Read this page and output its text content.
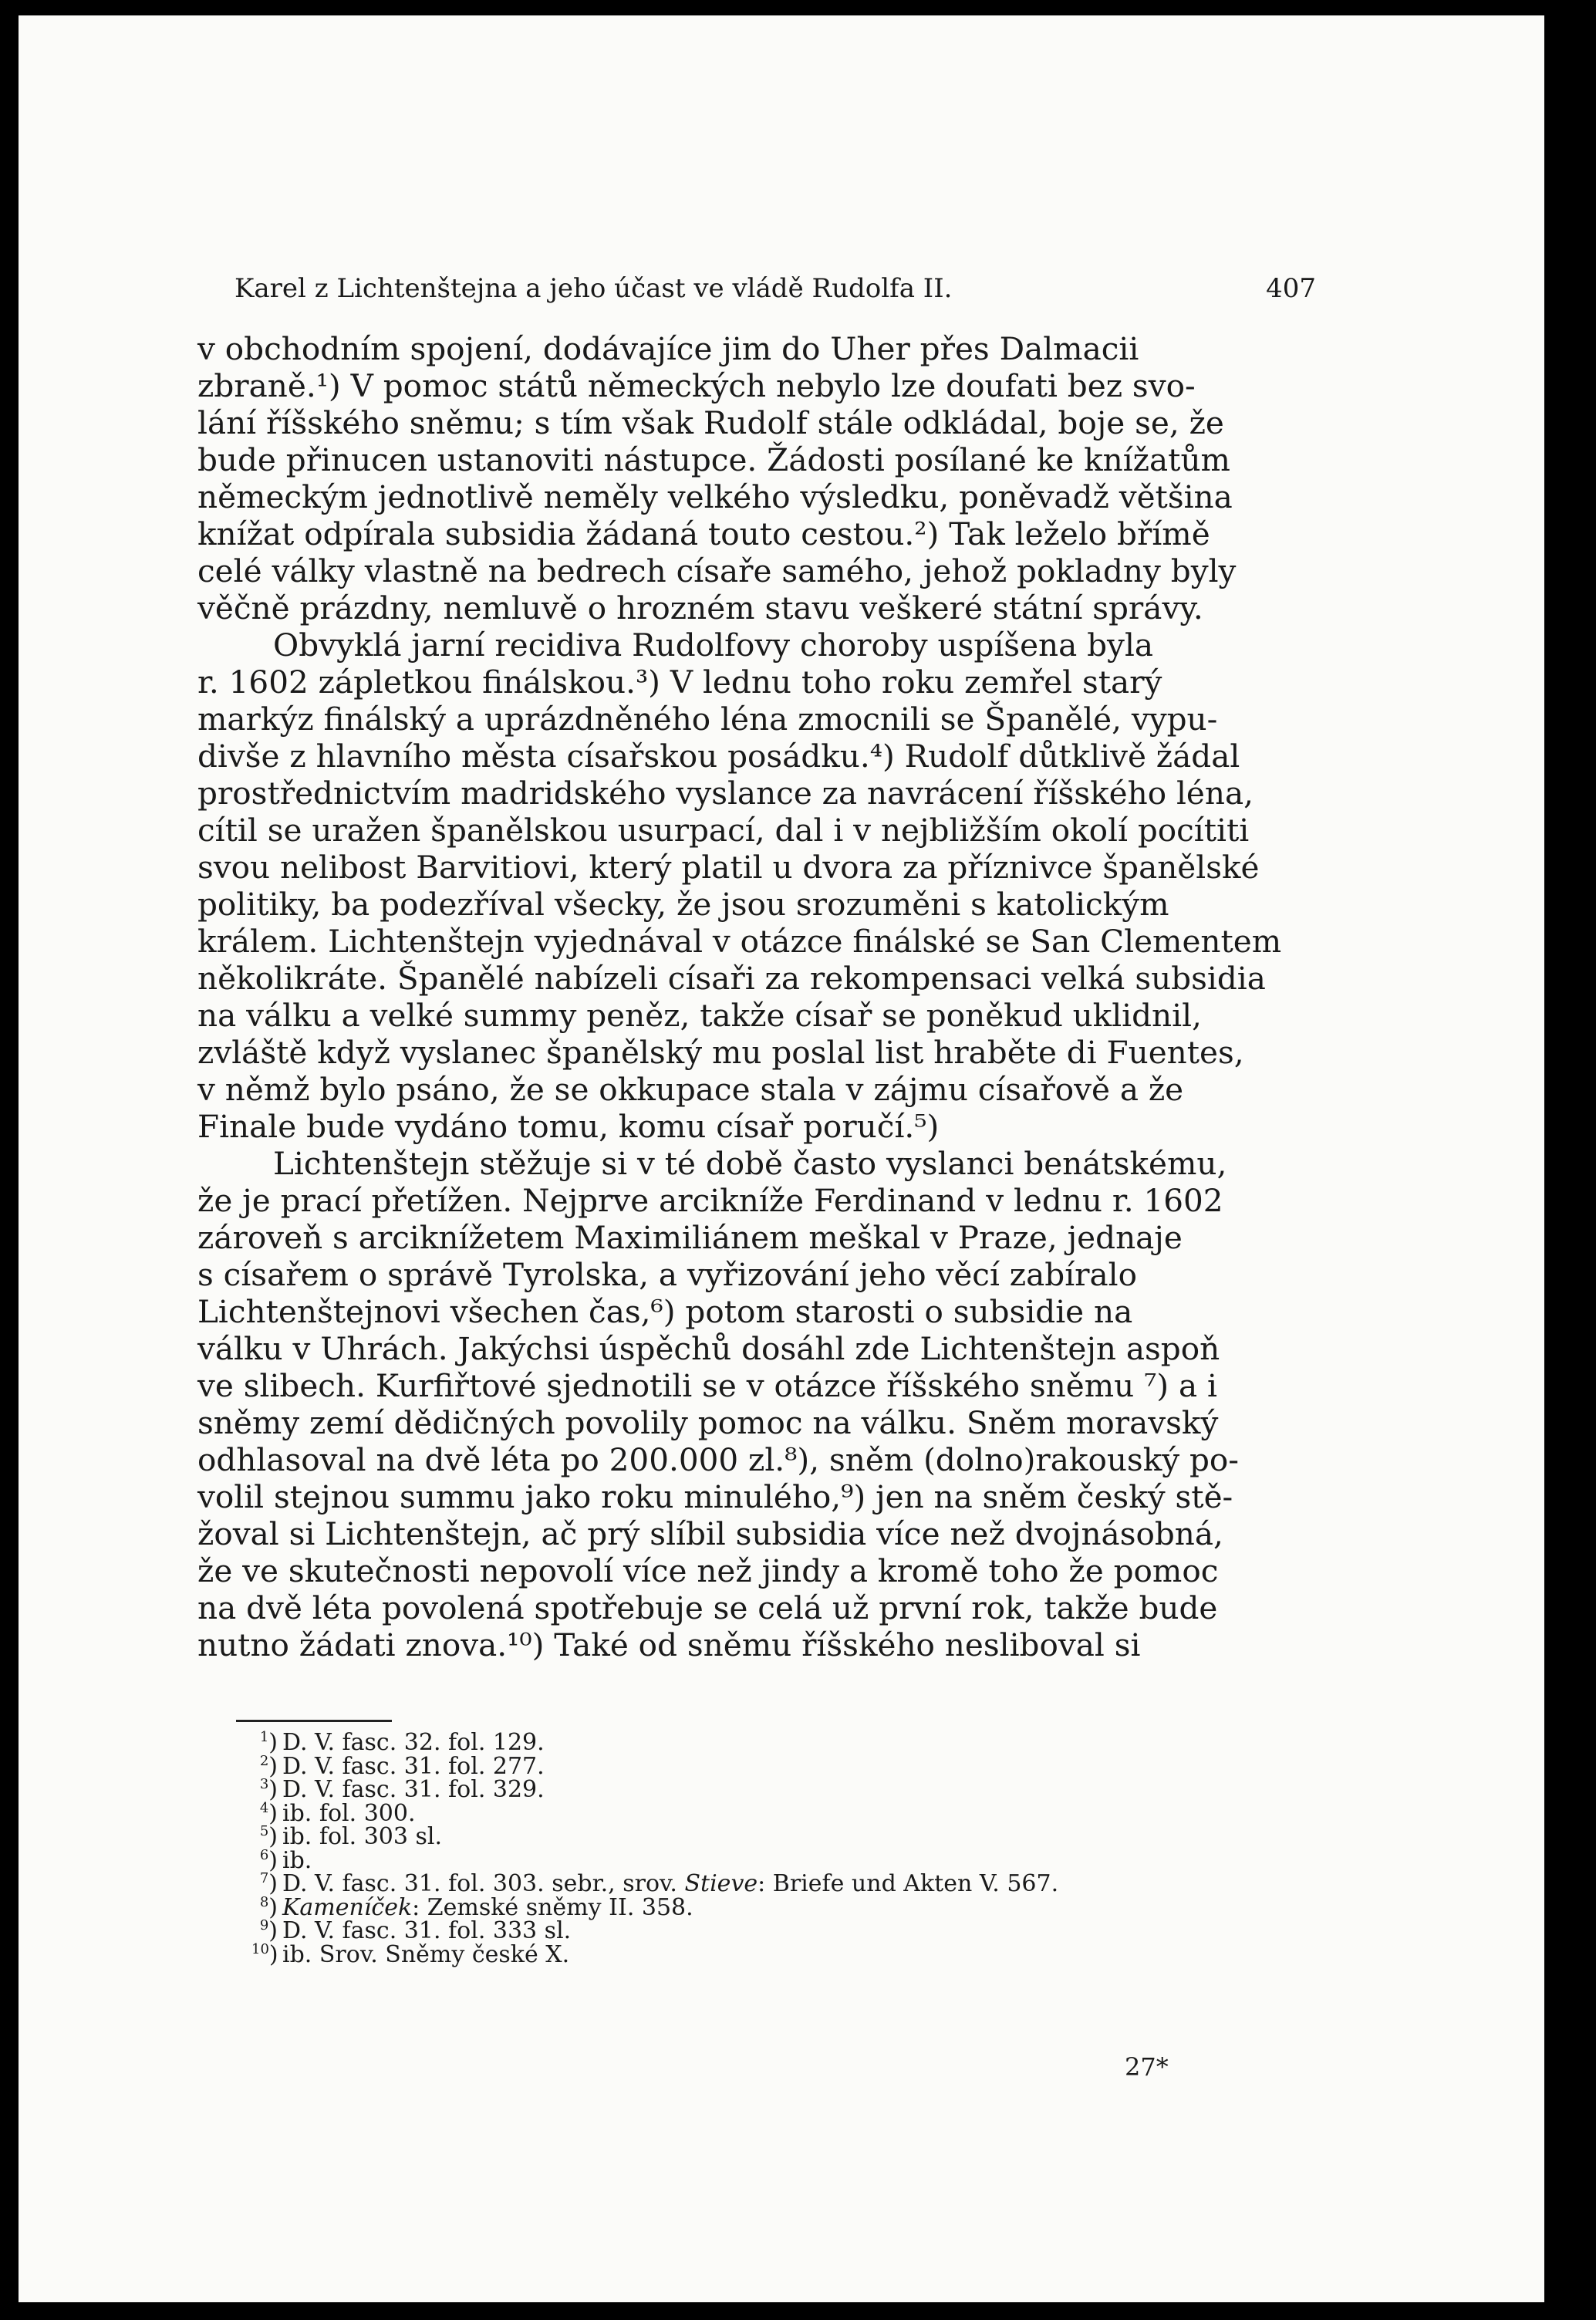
Karel z Lichtenštejna a jeho účast ve vládě Rudolfa II.	407
v obchodním spojení, dodávajíce jim do Uher přes Dalmacii
zbraně.¹) V pomoc států německých nebylo lze doufati bez svo-
lání říšského sněmu; s tím však Rudolf stále odkládal, boje se, že
bude přinucen ustanoviti nástupce. Žádosti posílané ke knížatům
německým jednotlivě neměly velkého výsledku, poněvadž většina
knížat odpírala subsidia žádaná touto cestou.²) Tak leželo břímě
celé války vlastně na bedrech císaře samého, jehož pokladny byly
věčně prázdny, nemluvě o hrozném stavu veškeré státní správy.
Obvyklá jarní recidiva Rudolfovy choroby uspíšena byla
r. 1602 zápletkou finálskou.³) V lednu toho roku zemřel starý
markýz finálský a uprázdněného léna zmocnili se Španělé, vypu-
divše z hlavního města císařskou posádku.⁴) Rudolf důtklivě žádal
prostřednictvím madridského vyslance za navrácení říšského léna,
cítil se uražen španělskou usurpací, dal i v nejbližším okolí pocítiti
svou nelibost Barvitiovi, který platil u dvora za příznivce španělské
politiky, ba podezříval všecky, že jsou srozuměni s katolickým
králem. Lichtenštejn vyjednával v otázce finálské se San Clementem
několikráte. Španělé nabízeli císaři za rekompensaci velká subsidia
na válku a velké summy peněz, takže císař se poněkud uklidnil,
zvláště když vyslanec španělský mu poslal list hraběte di Fuentes,
v němž bylo psáno, že se okkupace stala v zájmu císařově a že
Finale bude vydáno tomu, komu císař poručí.⁵)
Lichtenštejn stěžuje si v té době často vyslanci benátskému,
že je prací přetížen. Nejprve arcikníže Ferdinand v lednu r. 1602
zároveň s arciknížetem Maximiliánem meškal v Praze, jednaje
s císařem o správě Tyrolska, a vyřizování jeho věcí zabíralo
Lichtenštejnovi všechen čas,⁶) potom starosti o subsidie na
válku v Uhrách. Jakýchsi úspěchů dosáhl zde Lichtenštejn aspoň
ve slibech. Kurfiřtové sjednotili se v otázce říšského sněmu ⁷) a i
sněmy zemí dědičných povolily pomoc na válku. Sněm moravský
odhlasoval na dvě léta po 200.000 zl.⁸), sněm (dolno)rakouský po-
volil stejnou summu jako roku minulého,⁹) jen na sněm český stě-
žoval si Lichtenštejn, ač prý slíbil subsidia více než dvojnásobná,
že ve skutečnosti nepovolí více než jindy a kromě toho že pomoc
na dvě léta povolená spotřebuje se celá už první rok, takže bude
nutno žádati znova.¹⁰) Také od sněmu říšského nesliboval si
$^1$) D. V. fasc. 32. fol. 129.
$^2$) D. V. fasc. 31. fol. 277.
$^3$) D. V. fasc. 31. fol. 329.
$^4$) ib. fol. 300.
$^5$) ib. fol. 303 sl.
$^6$) ib.
$^7$) D. V. fasc. 31. fol. 303. sebr., srov. Stieve: Briefe und Akten V. 567.
$^8$) Kameníček: Zemské sněmy II. 358.
$^9$) D. V. fasc. 31. fol. 333 sl.
$^{10}$) ib. Srov. Sněmy české X.
27*
